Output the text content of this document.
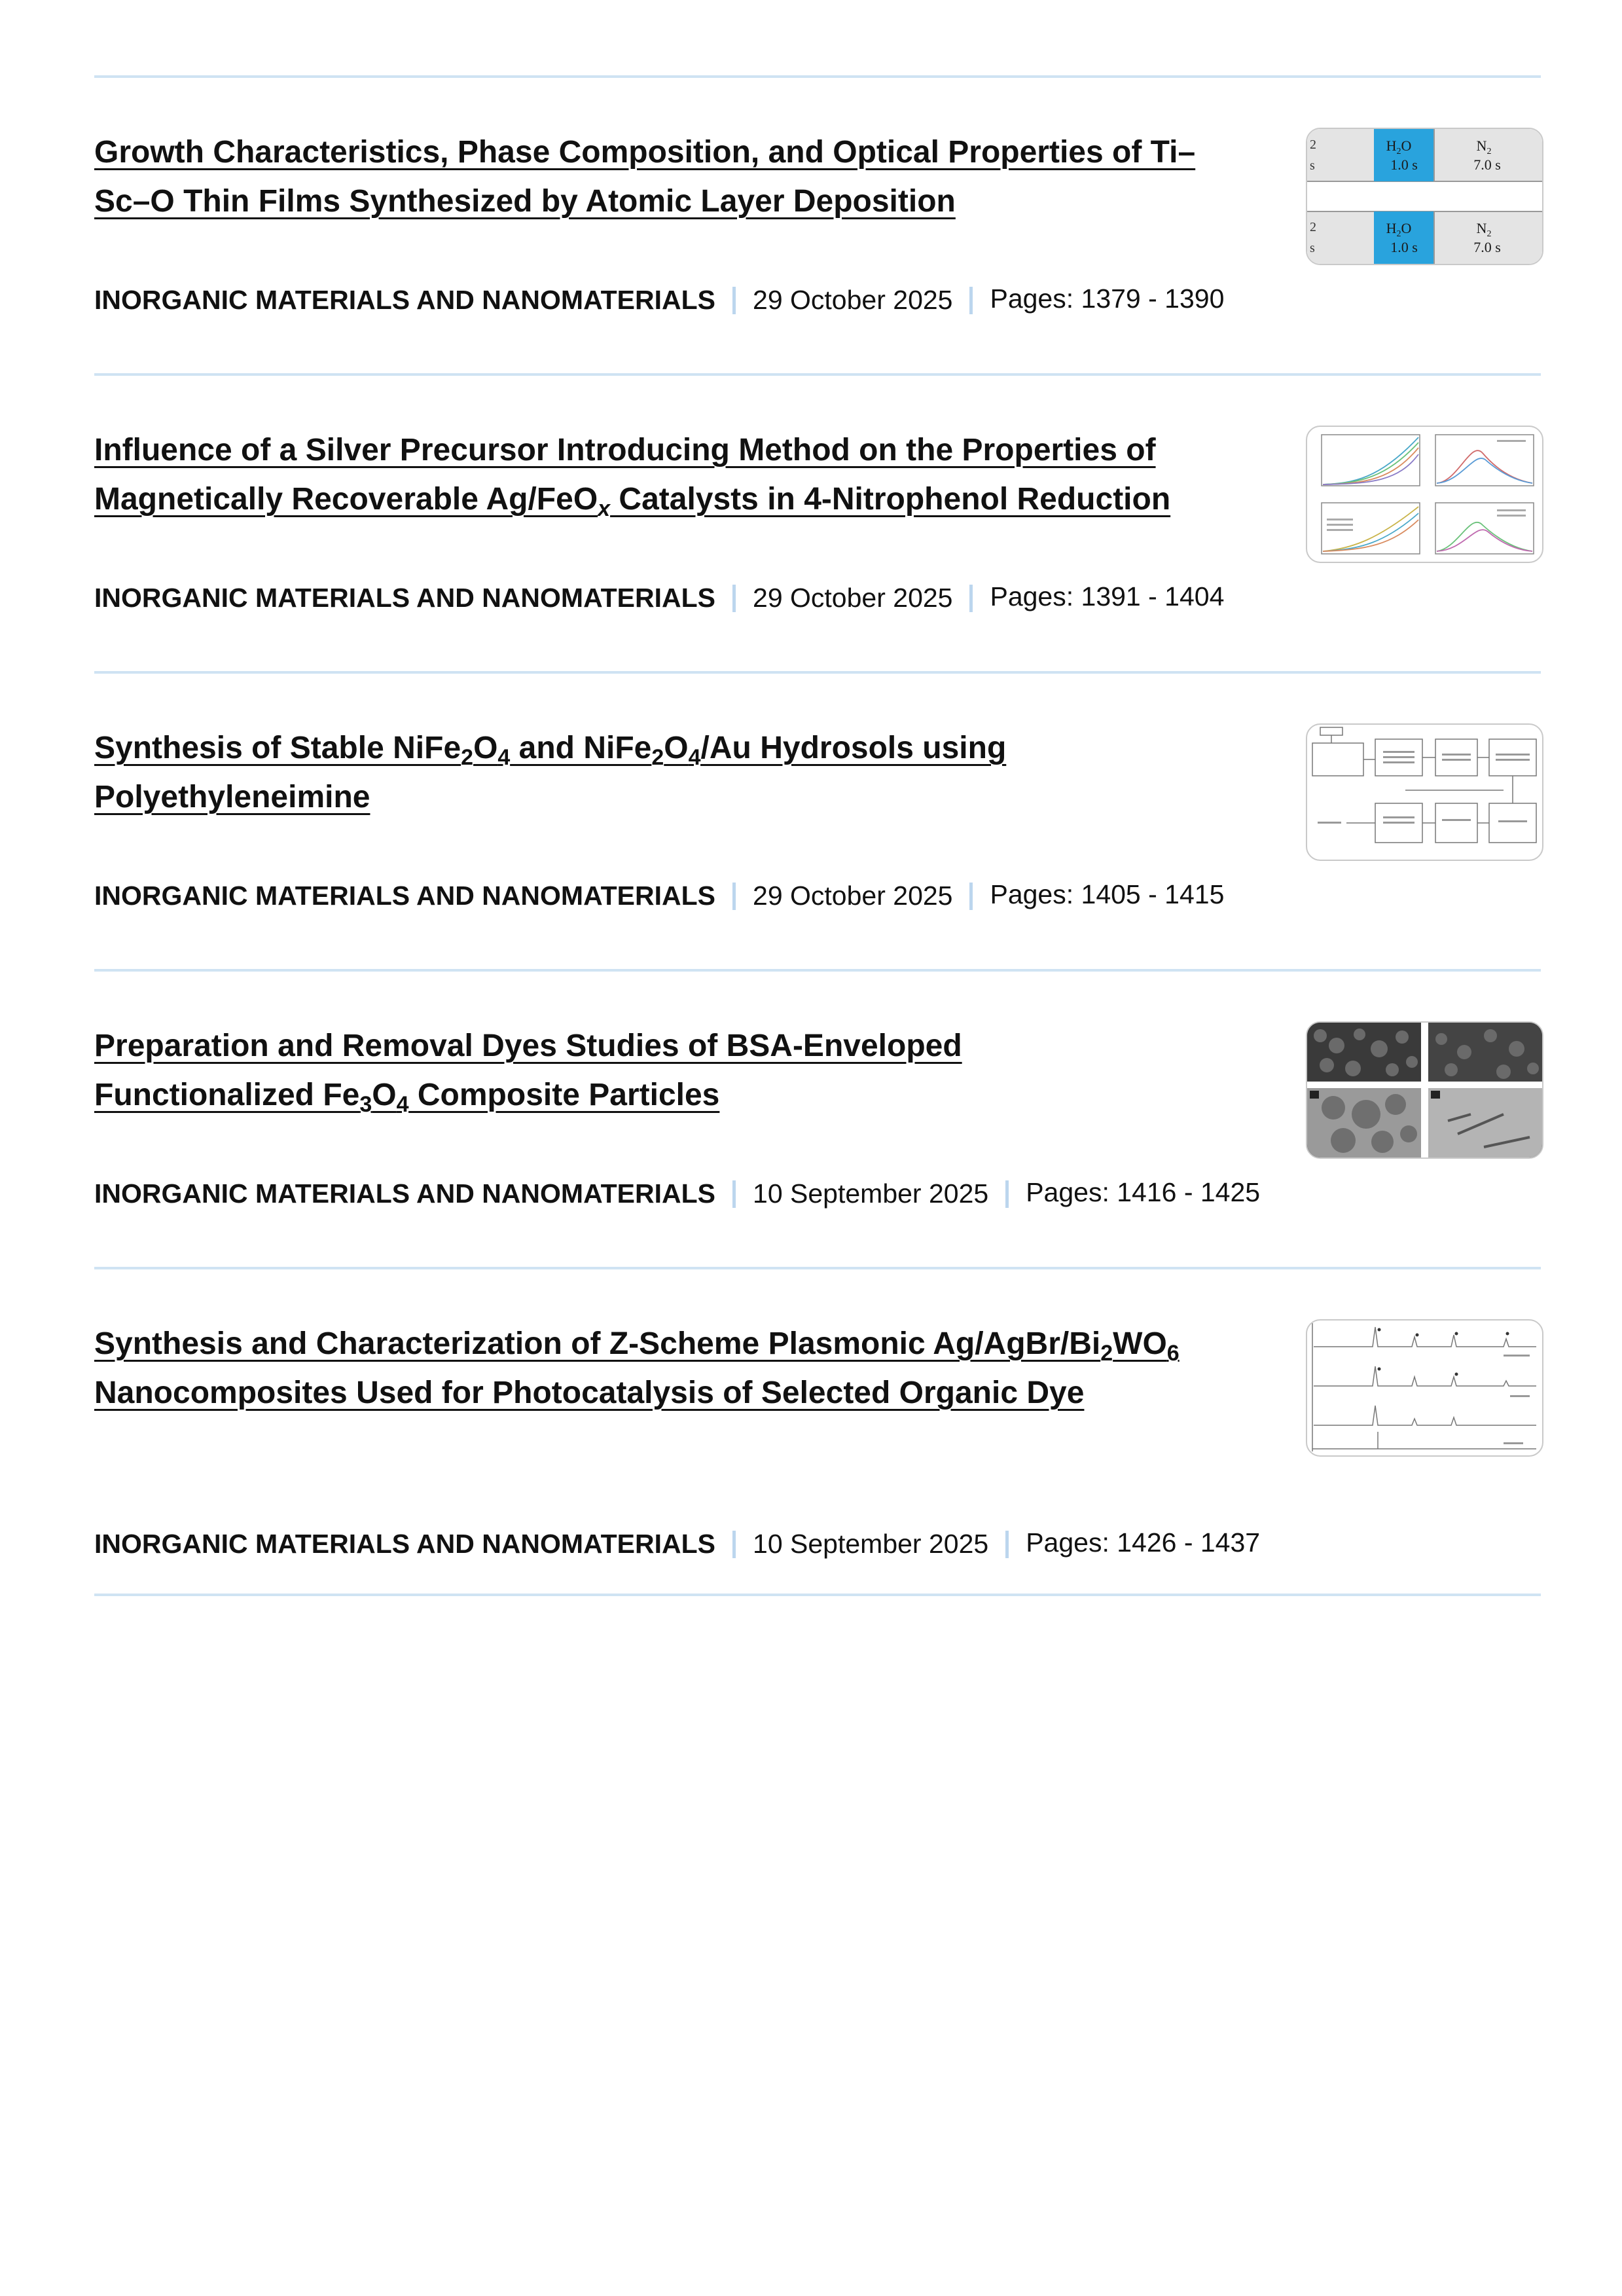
Growth Characteristics, Phase Composition, and Optical Properties of Ti–Sc–O Thin Films Synthesized by Atomic Layer Deposition
2
s
2
s
$H_2O$
1.0 s
$H_2O$
1.0 s
$N_2$
7.0 s
$N_2$
7.0 s
INORGANIC MATERIALS AND NANOMATERIALS 29 October 2025 Pages: 1379 - 1390
Influence of a Silver Precursor Introducing Method on the Properties of
Magnetically Recoverable Ag/FeO$_x$ Catalysts in 4-Nitrophenol Reduction
INORGANIC MATERIALS AND NANOMATERIALS 29 October 2025 Pages: 1391 - 1404
Synthesis of Stable $NiFe_2O_4$ and $NiFe_2O_4/Au$ Hydrosols using Polyethyleneimine
INORGANIC MATERIALS AND NANOMATERIALS 29 October 2025 Pages: 1405 - 1415
Preparation and Removal Dyes Studies of BSA-Enveloped Functionalized $Fe_3O_4$ Composite Particles
INORGANIC MATERIALS AND NANOMATERIALS 10 September 2025 Pages: 1416 - 1425
Synthesis and Characterization of Z-Scheme Plasmonic $Ag/AgBr/Bi_2WO_6$ Nanocomposites Used for Photocatalysis of Selected Organic Dye
INORGANIC MATERIALS AND NANOMATERIALS 10 September 2025 Pages: 1426 - 1437
